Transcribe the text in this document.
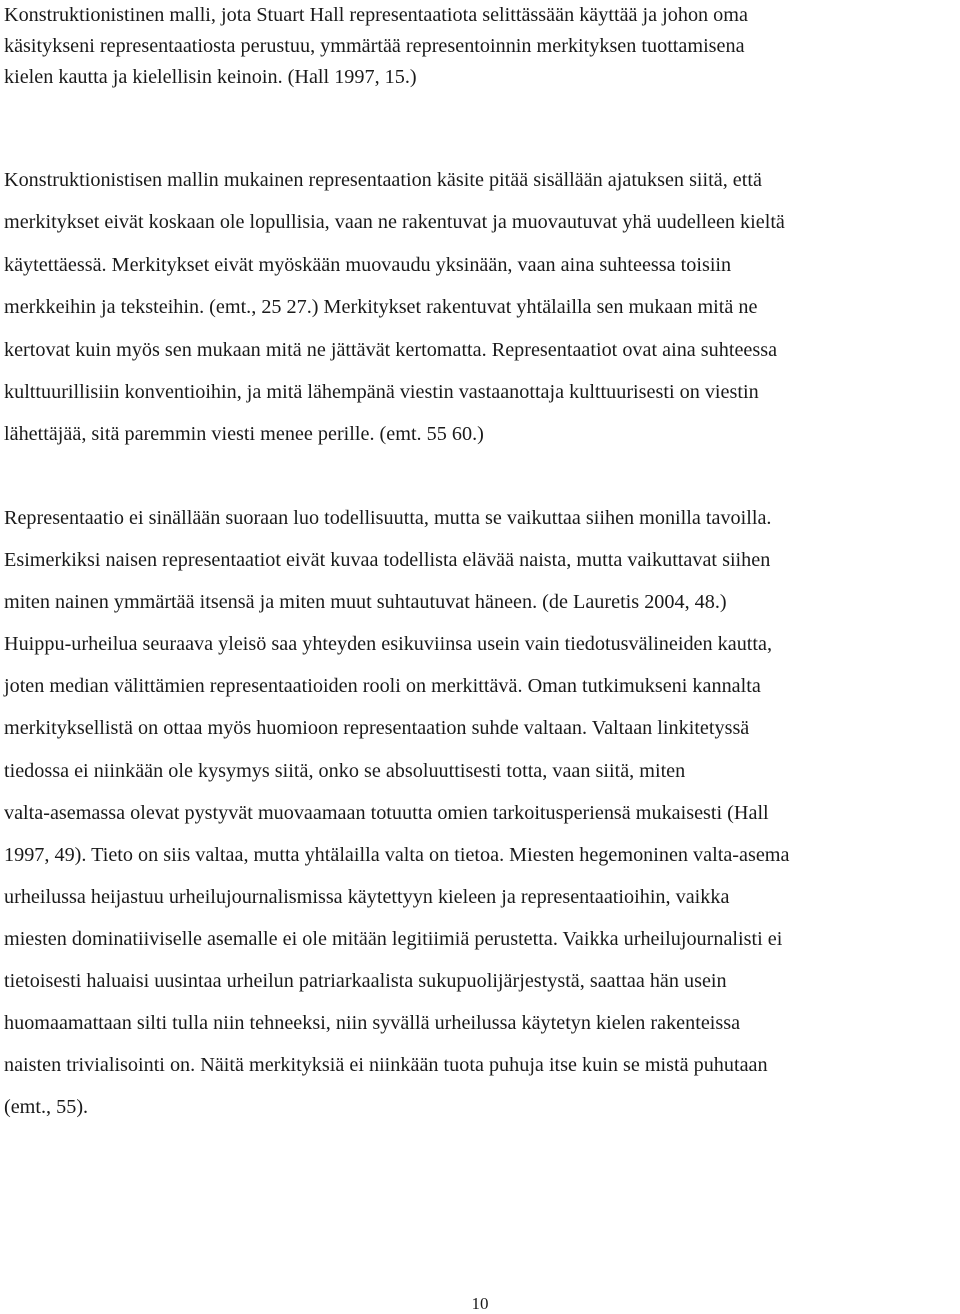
Konstruktionistinen malli, jota Stuart Hall representaatiota selittässään käyttää ja johon oma
käsitykseni representaatiosta perustuu, ymmärtää representoinnin merkityksen tuottamisena
kielen kautta ja kielellisin keinoin. (Hall 1997, 15.)

Konstruktionistisen mallin mukainen representaation käsite pitää sisällään ajatuksen siitä, että
merkitykset eivät koskaan ole lopullisia, vaan ne rakentuvat ja muovautuvat yhä uudelleen kieltä
käytettäessä. Merkitykset eivät myöskään muovaudu yksinään, vaan aina suhteessa toisiin
merkkeihin ja teksteihin. (emt., 25 27.) Merkitykset rakentuvat yhtälailla sen mukaan mitä ne
kertovat kuin myös sen mukaan mitä ne jättävät kertomatta. Representaatiot ovat aina suhteessa
kulttuurillisiin konventioihin, ja mitä lähempänä viestin vastaanottaja kulttuurisesti on viestin
lähettäjää, sitä paremmin viesti menee perille. (emt. 55 60.)

Representaatio ei sinällään suoraan luo todellisuutta, mutta se vaikuttaa siihen monilla tavoilla.
Esimerkiksi naisen representaatiot eivät kuvaa todellista elävää naista, mutta vaikuttavat siihen
miten nainen ymmärtää itsensä ja miten muut suhtautuvat häneen. (de Lauretis 2004, 48.)
Huippu-urheilua seuraava yleisö saa yhteyden esikuviinsa usein vain tiedotusvälineiden kautta,
joten median välittämien representaatioiden rooli on merkittävä. Oman tutkimukseni kannalta
merkityksellistä on ottaa myös huomioon representaation suhde valtaan. Valtaan linkitetyssä
tiedossa ei niinkään ole kysymys siitä, onko se absoluuttisesti totta, vaan siitä, miten
valta-asemassa olevat pystyvät muovaamaan totuutta omien tarkoitusperiensä mukaisesti (Hall
1997, 49). Tieto on siis valtaa, mutta yhtälailla valta on tietoa. Miesten hegemoninen valta-asema
urheilussa heijastuu urheilujournalismissa käytettyyn kieleen ja representaatioihin, vaikka
miesten dominatiiviselle asemalle ei ole mitään legitiimiä perustetta. Vaikka urheilujournalisti ei
tietoisesti haluaisi uusintaa urheilun patriarkaalista sukupuolijärjestystä, saattaa hän usein
huomaamattaan silti tulla niin tehneeksi, niin syvällä urheilussa käytetyn kielen rakenteissa
naisten trivialisointi on. Näitä merkityksiä ei niinkään tuota puhuja itse kuin se mistä puhutaan
(emt., 55).

10
